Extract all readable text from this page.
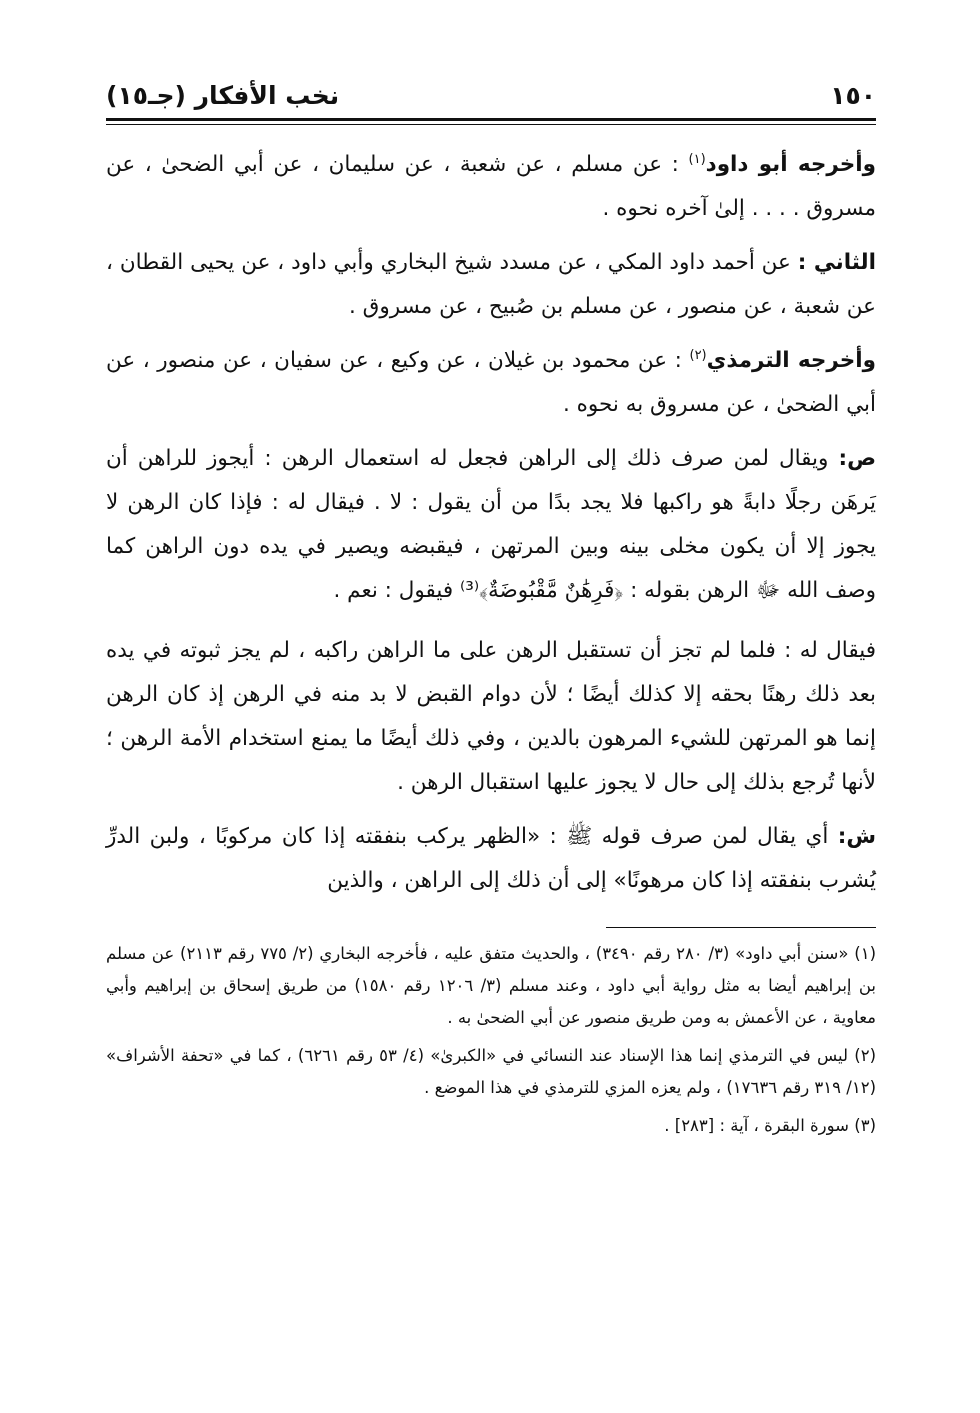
١٥٠
نخب الأفكار (جـ١٥)

وأخرجه أبو داود$^{(١)}$ : عن مسلم ، عن شعبة ، عن سليمان ، عن أبي الضحىٰ ، عن مسروق . . . . إلىٰ آخره نحوه .

الثاني : عن أحمد داود المكي ، عن مسدد شيخ البخاري وأبي داود ، عن يحيى القطان ، عن شعبة ، عن منصور ، عن مسلم بن صُبيح ، عن مسروق .

وأخرجه الترمذي$^{(٢)}$ : عن محمود بن غيلان ، عن وكيع ، عن سفيان ، عن منصور ، عن أبي الضحىٰ ، عن مسروق به نحوه .

ص: ويقال لمن صرف ذلك إلى الراهن فجعل له استعمال الرهن : أيجوز للراهن أن يَرهَن رجلًا دابةً هو راكبها فلا يجد بدًا من أن يقول : لا . فيقال له : فإذا كان الرهن لا يجوز إلا أن يكون مخلى بينه وبين المرتهن ، فيقبضه ويصير في يده دون الراهن كما وصف الله ﷻ الرهن بقوله : ﴿فَرِهَٰنٌ مَّقْبُوضَةٌ﴾⁽³⁾ فيقول : نعم .

فيقال له : فلما لم تجز أن تستقبل الرهن على ما الراهن راكبه ، لم يجز ثبوته في يده بعد ذلك رهنًا بحقه إلا كذلك أيضًا ؛ لأن دوام القبض لا بد منه في الرهن إذ كان الرهن إنما هو المرتهن للشيء المرهون بالدين ، وفي ذلك أيضًا ما يمنع استخدام الأمة الرهن ؛ لأنها تُرجع بذلك إلى حال لا يجوز عليها استقبال الرهن .

ش: أي يقال لمن صرف قوله ﷺ : «الظهر يركب بنفقته إذا كان مركوبًا ، ولبن الدرِّ يُشرب بنفقته إذا كان مرهونًا» إلى أن ذلك إلى الراهن ، والذين

(١) «سنن أبي داود» (٣/ ٢٨٠ رقم ٣٤٩٠) ، والحديث متفق عليه ، فأخرجه البخاري (٢/ ٧٧٥ رقم ٢١١٣) عن مسلم بن إبراهيم أيضا به مثل رواية أبي داود ، وعند مسلم (٣/ ١٢٠٦ رقم ١٥٨٠) من طريق إسحاق بن إبراهيم وأبي معاوية ، عن الأعمش به ومن طريق منصور عن أبي الضحىٰ به .

(٢) ليس في الترمذي إنما هذا الإسناد عند النسائي في «الكبرىٰ» (٤/ ٥٣ رقم ٦٢٦١) ، كما في «تحفة الأشراف» (١٢/ ٣١٩ رقم ١٧٦٣٦) ، ولم يعزه المزي للترمذي في هذا الموضع .

(٣) سورة البقرة ، آية : [٢٨٣] .
